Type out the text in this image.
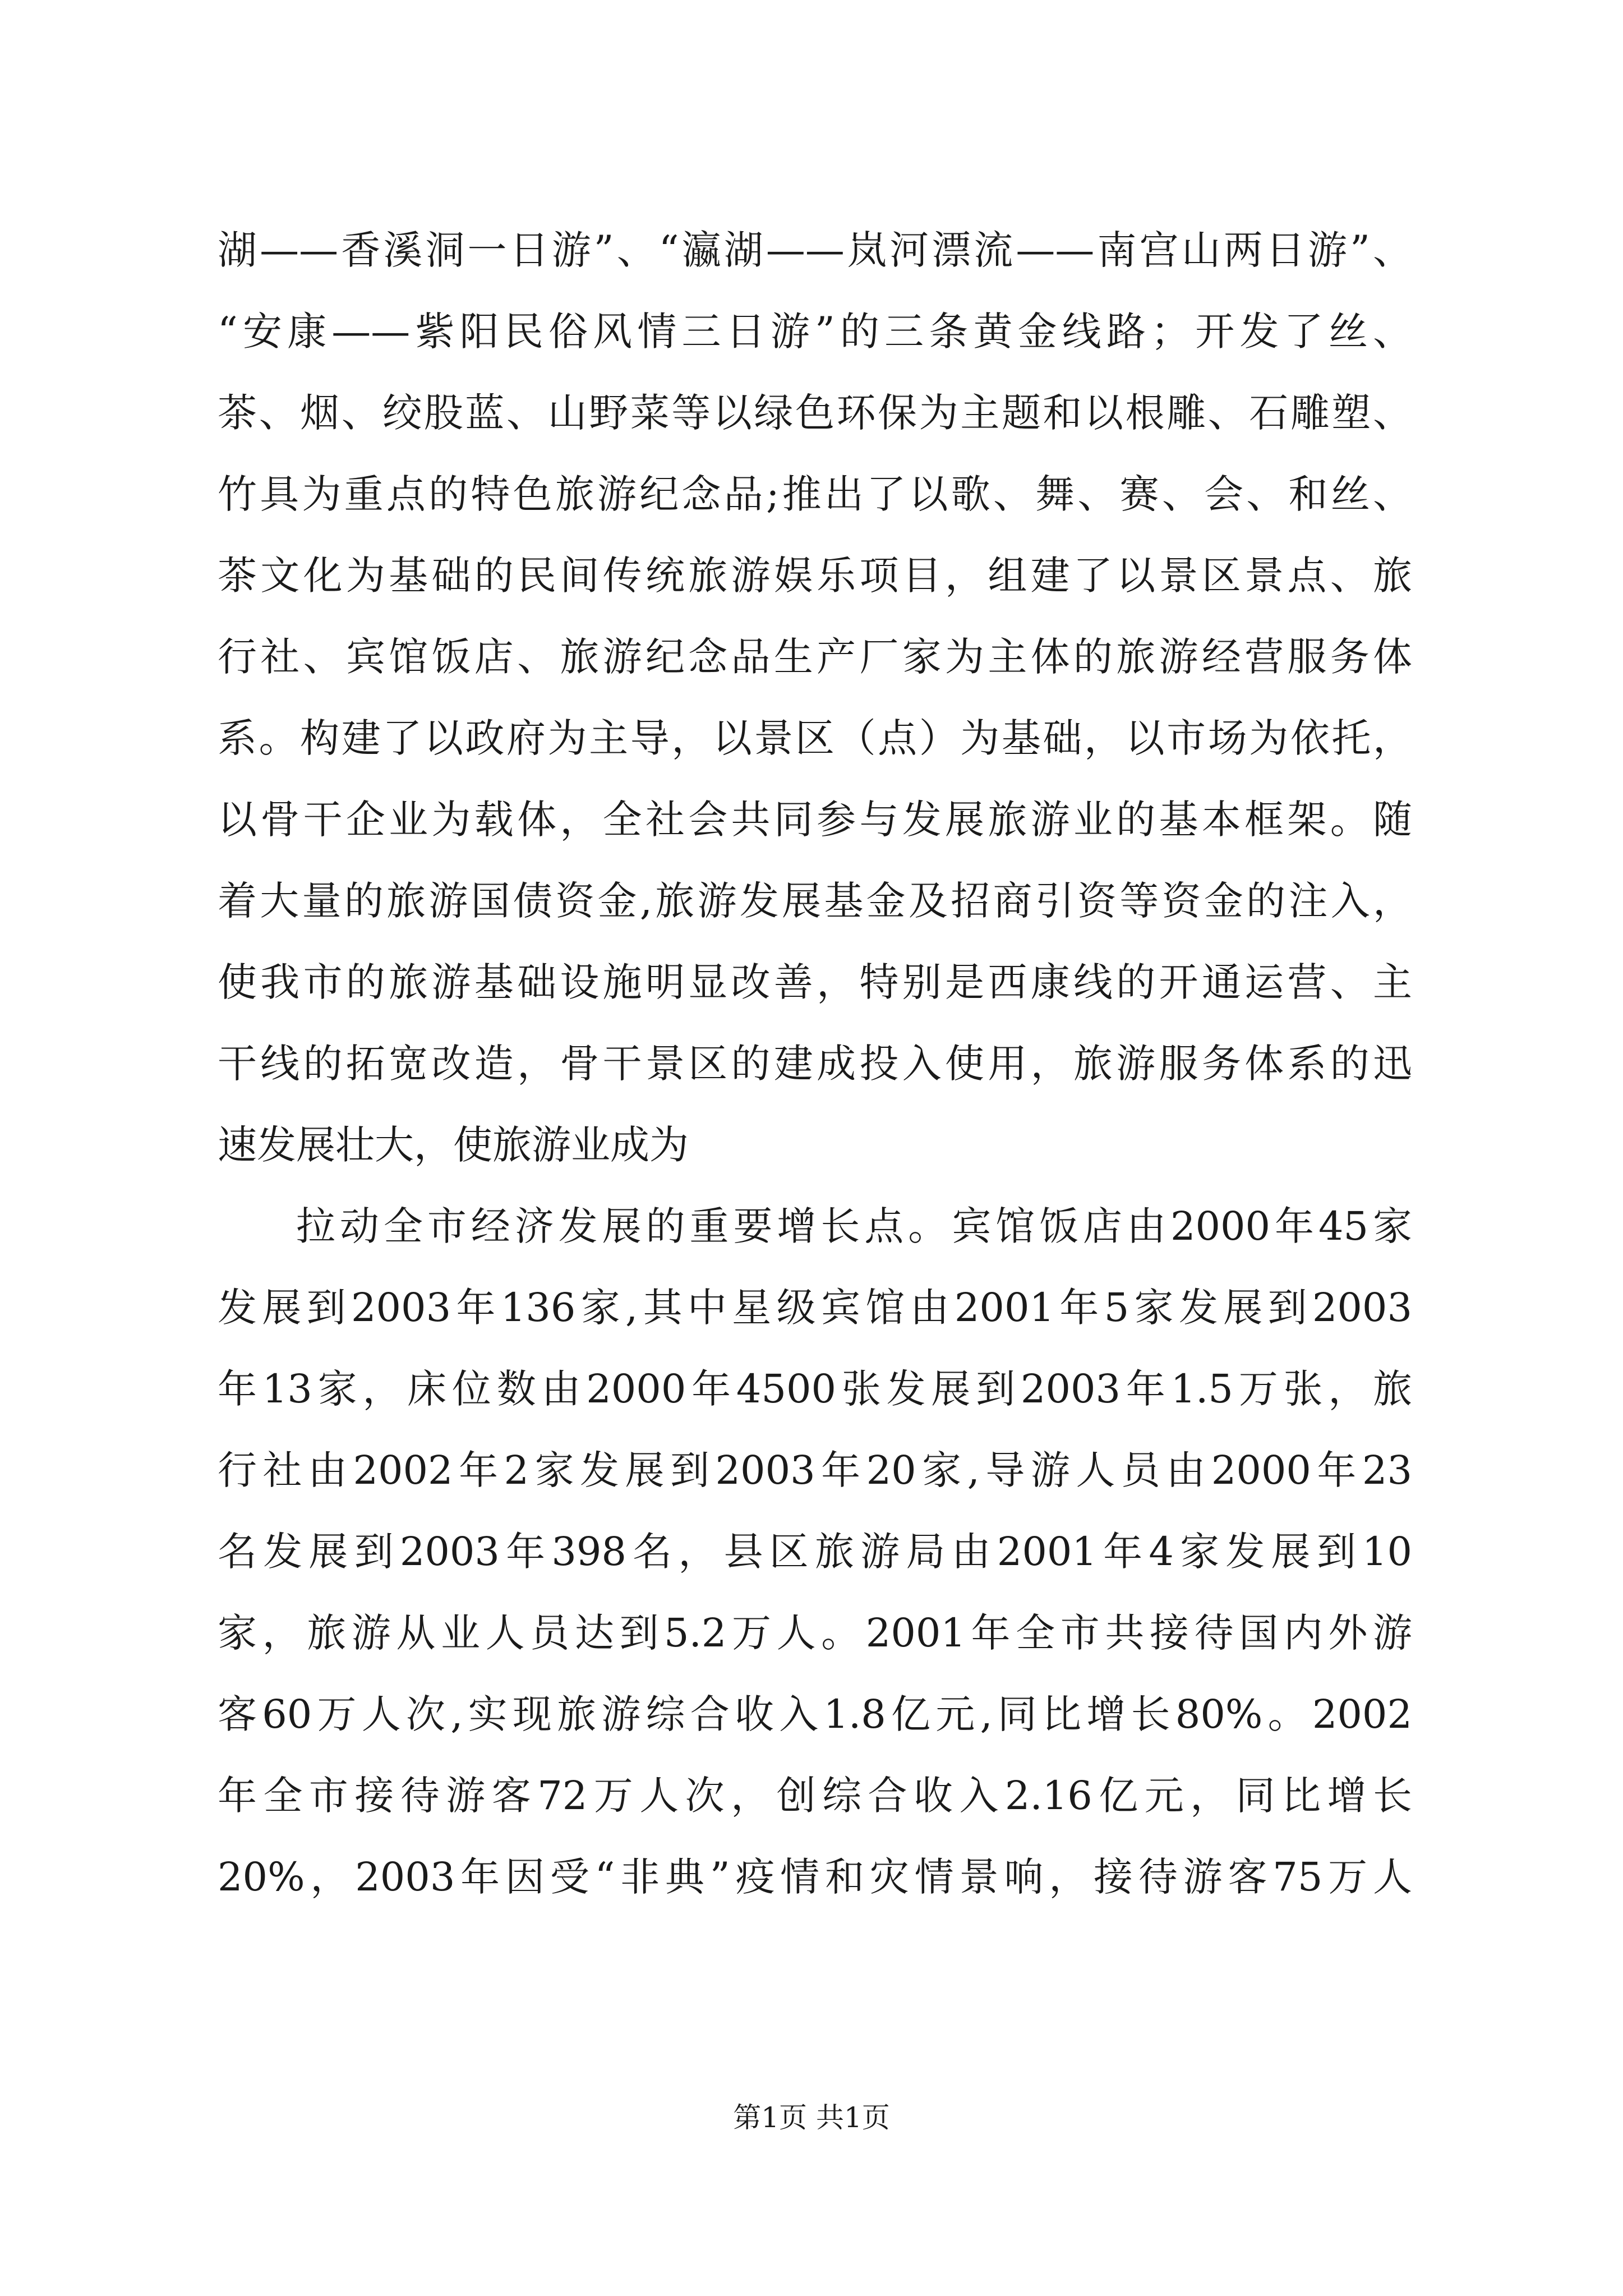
湖——香溪洞一日游”、“瀛湖——岚河漂流——南宫山两日游”、
“安康——紫阳民俗风情三日游”的三条黄金线路；开发了丝、
茶、烟、绞股蓝、山野菜等以绿色环保为主题和以根雕、石雕塑、
竹具为重点的特色旅游纪念品;推出了以歌、舞、赛、会、和丝、
茶文化为基础的民间传统旅游娱乐项目，组建了以景区景点、旅
行社、宾馆饭店、旅游纪念品生产厂家为主体的旅游经营服务体
系。构建了以政府为主导，以景区（点）为基础，以市场为依托，
以骨干企业为载体，全社会共同参与发展旅游业的基本框架。随
着大量的旅游国债资金,旅游发展基金及招商引资等资金的注入，
使我市的旅游基础设施明显改善，特别是西康线的开通运营、主
干线的拓宽改造，骨干景区的建成投入使用，旅游服务体系的迅
速发展壮大，使旅游业成为
拉动全市经济发展的重要增长点。宾馆饭店由2000年45家
发展到2003年136家,其中星级宾馆由2001年5家发展到2003
年13家，床位数由2000年4500张发展到2003年1.5万张，旅
行社由2002年2家发展到2003年20家,导游人员由2000年23
名发展到2003年398名，县区旅游局由2001年4家发展到10
家，旅游从业人员达到5.2万人。2001年全市共接待国内外游
客60万人次,实现旅游综合收入1.8亿元,同比增长80%。2002
年全市接待游客72万人次，创综合收入2.16亿元，同比增长
20%，2003年因受“非典”疫情和灾情景响，接待游客75万人
第1页 共1页
